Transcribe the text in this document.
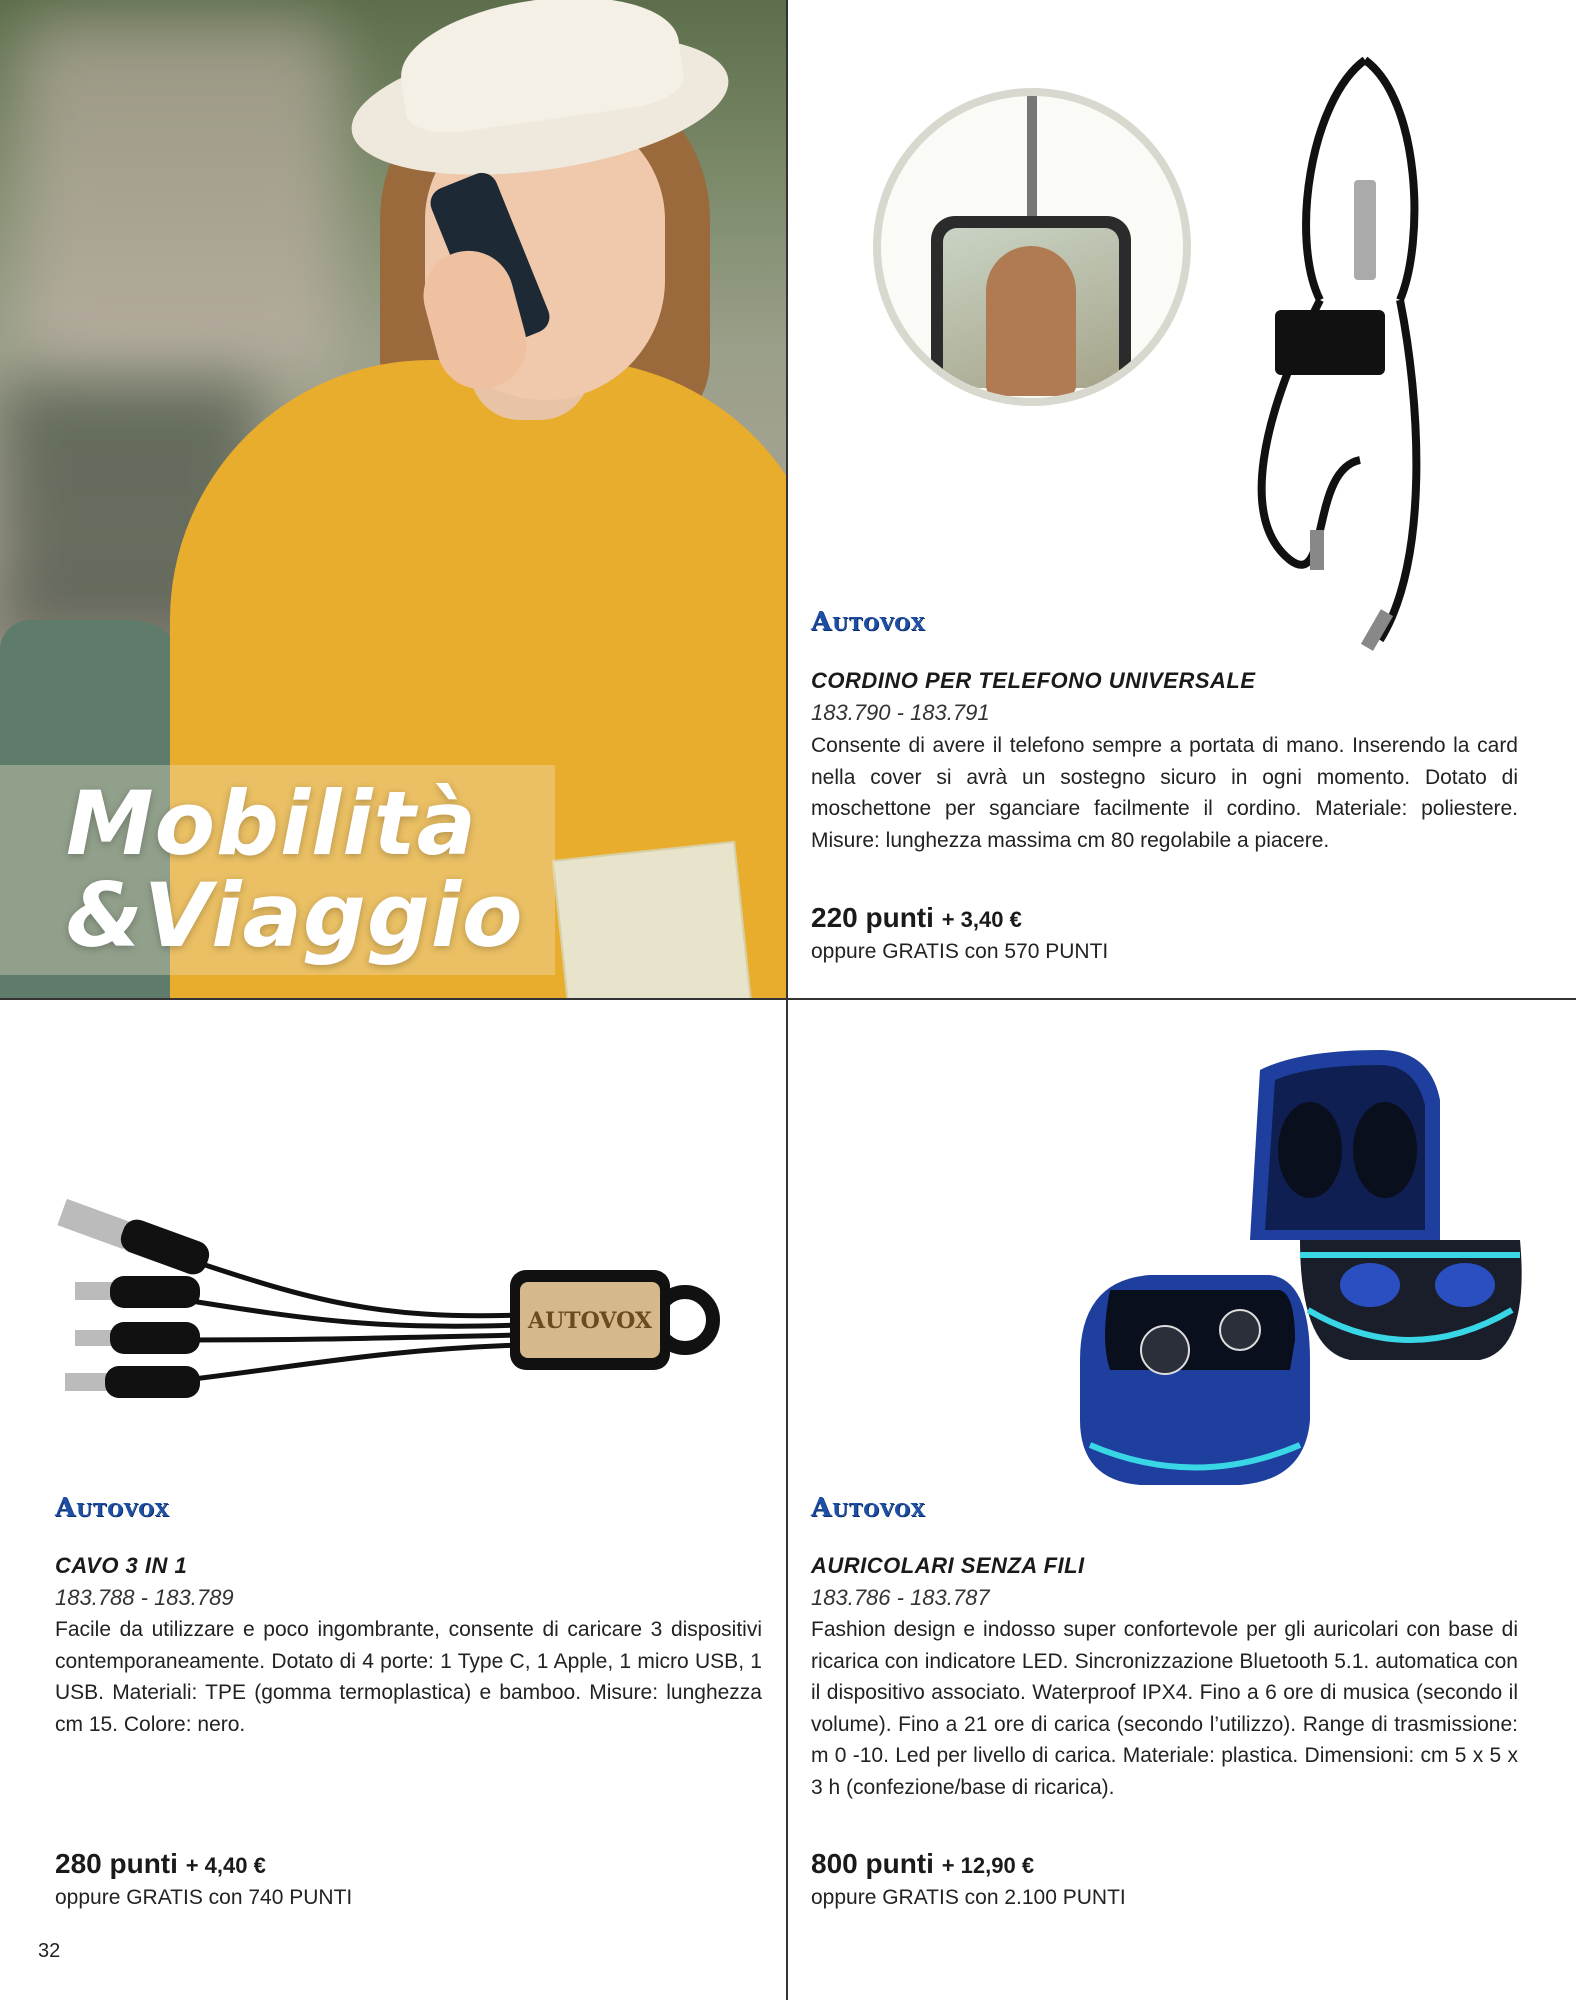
Mobilità
&Viaggio
Autovox
CORDINO PER TELEFONO UNIVERSALE
183.790 - 183.791
Consente di avere il telefono sempre a portata di mano. Inserendo la card nella cover si avrà un sostegno sicuro in ogni momento. Dotato di moschettone per sganciare facilmente il cordino. Materiale: poliestere. Misure: lunghezza massima cm 80 regolabile a piacere.
220 punti + 3,40 €
oppure GRATIS con 570 PUNTI
AUTOVOX
Autovox
CAVO 3 IN 1
183.788 - 183.789
Facile da utilizzare e poco ingombrante, consente di caricare 3 dispositivi contemporaneamente. Dotato di 4 porte: 1 Type C, 1 Apple, 1 micro USB, 1 USB. Materiali: TPE (gomma termoplastica) e bamboo. Misure: lunghezza cm 15. Colore: nero.
280 punti + 4,40 €
oppure GRATIS con 740 PUNTI
Autovox
AURICOLARI SENZA FILI
183.786 - 183.787
Fashion design e indosso super confortevole per gli auricolari con base di ricarica con indicatore LED. Sincronizzazione Bluetooth 5.1. automatica con il dispositivo associato. Waterproof IPX4. Fino a 6 ore di musica (secondo il volume). Fino a 21 ore di carica (secondo l’utilizzo). Range di trasmissione: m 0 -10. Led per livello di carica. Materiale: plastica. Dimensioni: cm 5 x 5 x 3 h (confezione/base di ricarica).
800 punti + 12,90 €
oppure GRATIS con 2.100 PUNTI
32
